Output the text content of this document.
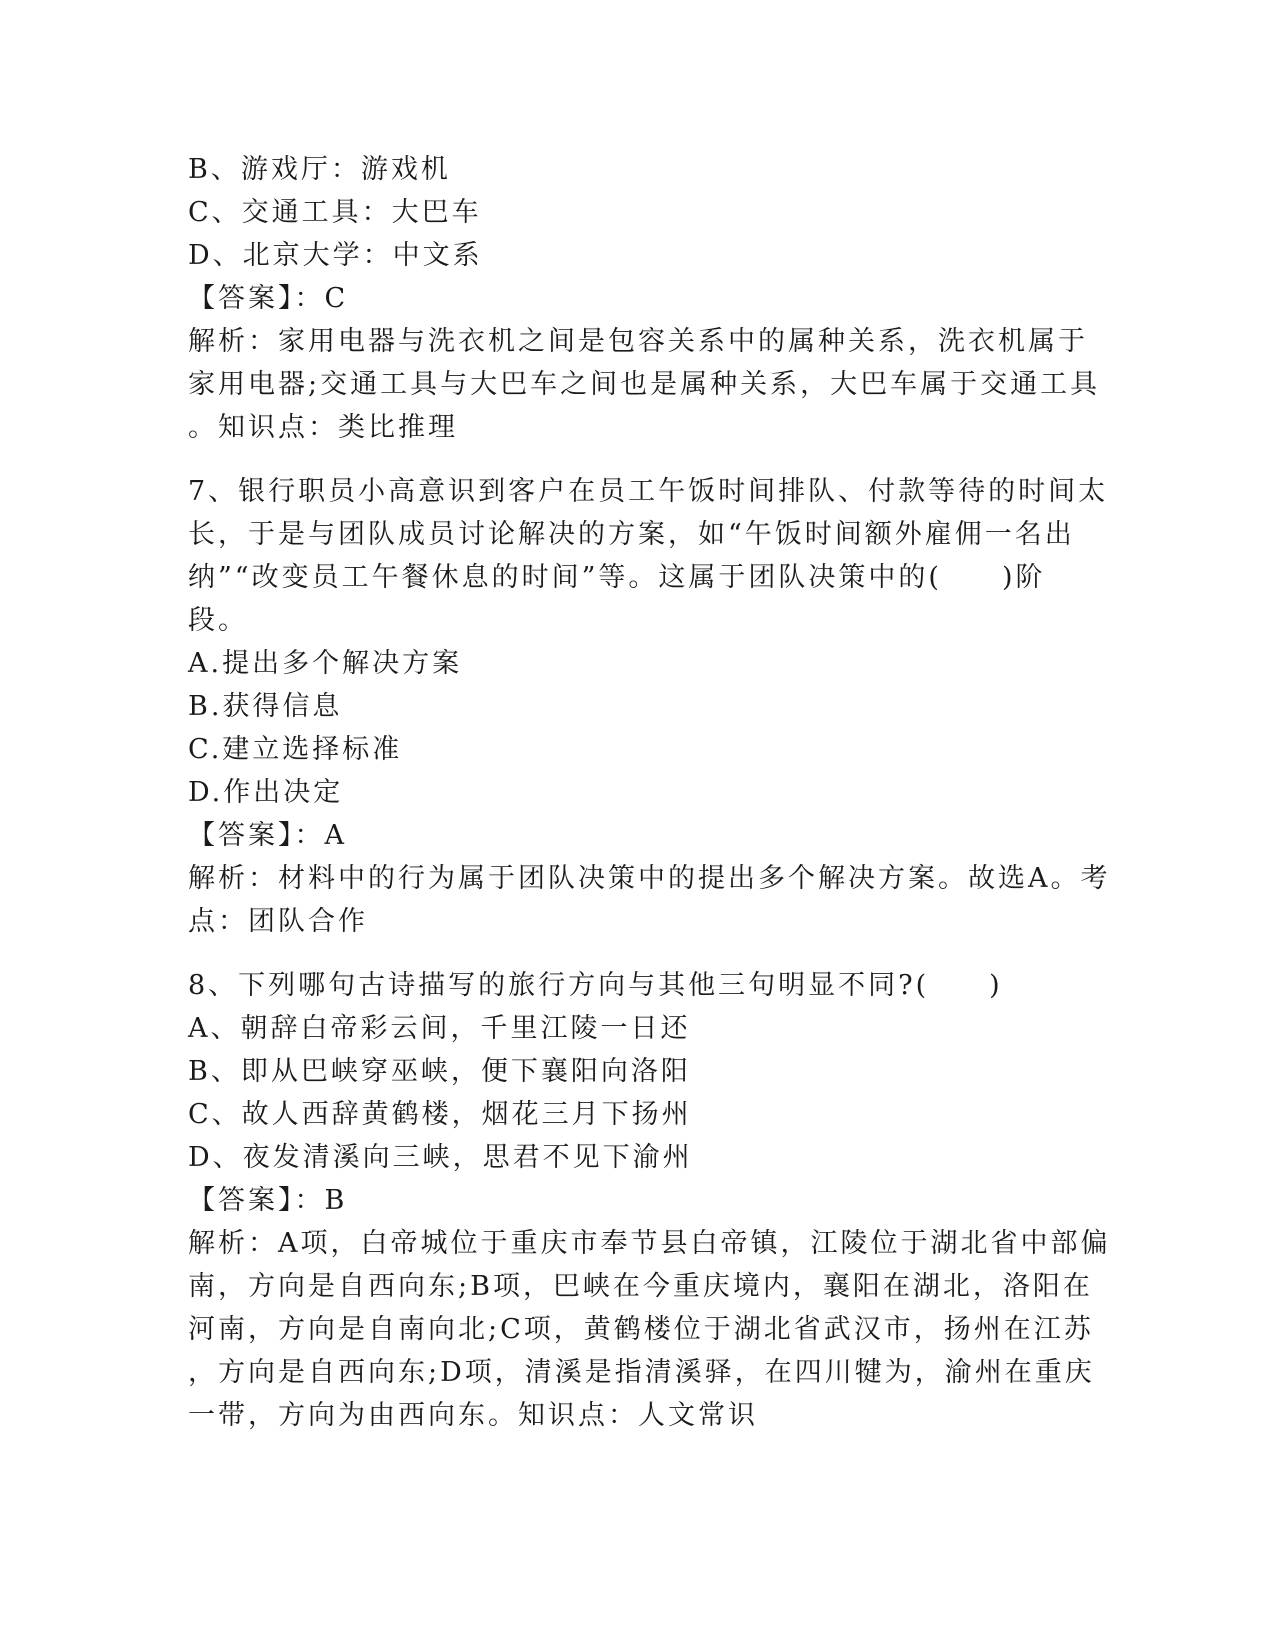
B、游戏厅：游戏机
C、交通工具：大巴车
D、北京大学：中文系
【答案】：C
解析：家用电器与洗衣机之间是包容关系中的属种关系，洗衣机属于
家用电器;交通工具与大巴车之间也是属种关系，大巴车属于交通工具
。知识点：类比推理
7、银行职员小高意识到客户在员工午饭时间排队、付款等待的时间太
长，于是与团队成员讨论解决的方案，如“午饭时间额外雇佣一名出
纳”“改变员工午餐休息的时间”等。这属于团队决策中的(　　)阶
段。
A.提出多个解决方案
B.获得信息
C.建立选择标准
D.作出决定
【答案】：A
解析：材料中的行为属于团队决策中的提出多个解决方案。故选A。考
点：团队合作
8、下列哪句古诗描写的旅行方向与其他三句明显不同?(　　)
A、朝辞白帝彩云间，千里江陵一日还
B、即从巴峡穿巫峡，便下襄阳向洛阳
C、故人西辞黄鹤楼，烟花三月下扬州
D、夜发清溪向三峡，思君不见下渝州
【答案】：B
解析：A项，白帝城位于重庆市奉节县白帝镇，江陵位于湖北省中部偏
南，方向是自西向东;B项，巴峡在今重庆境内，襄阳在湖北，洛阳在
河南，方向是自南向北;C项，黄鹤楼位于湖北省武汉市，扬州在江苏
，方向是自西向东;D项，清溪是指清溪驿，在四川犍为，渝州在重庆
一带，方向为由西向东。知识点：人文常识
